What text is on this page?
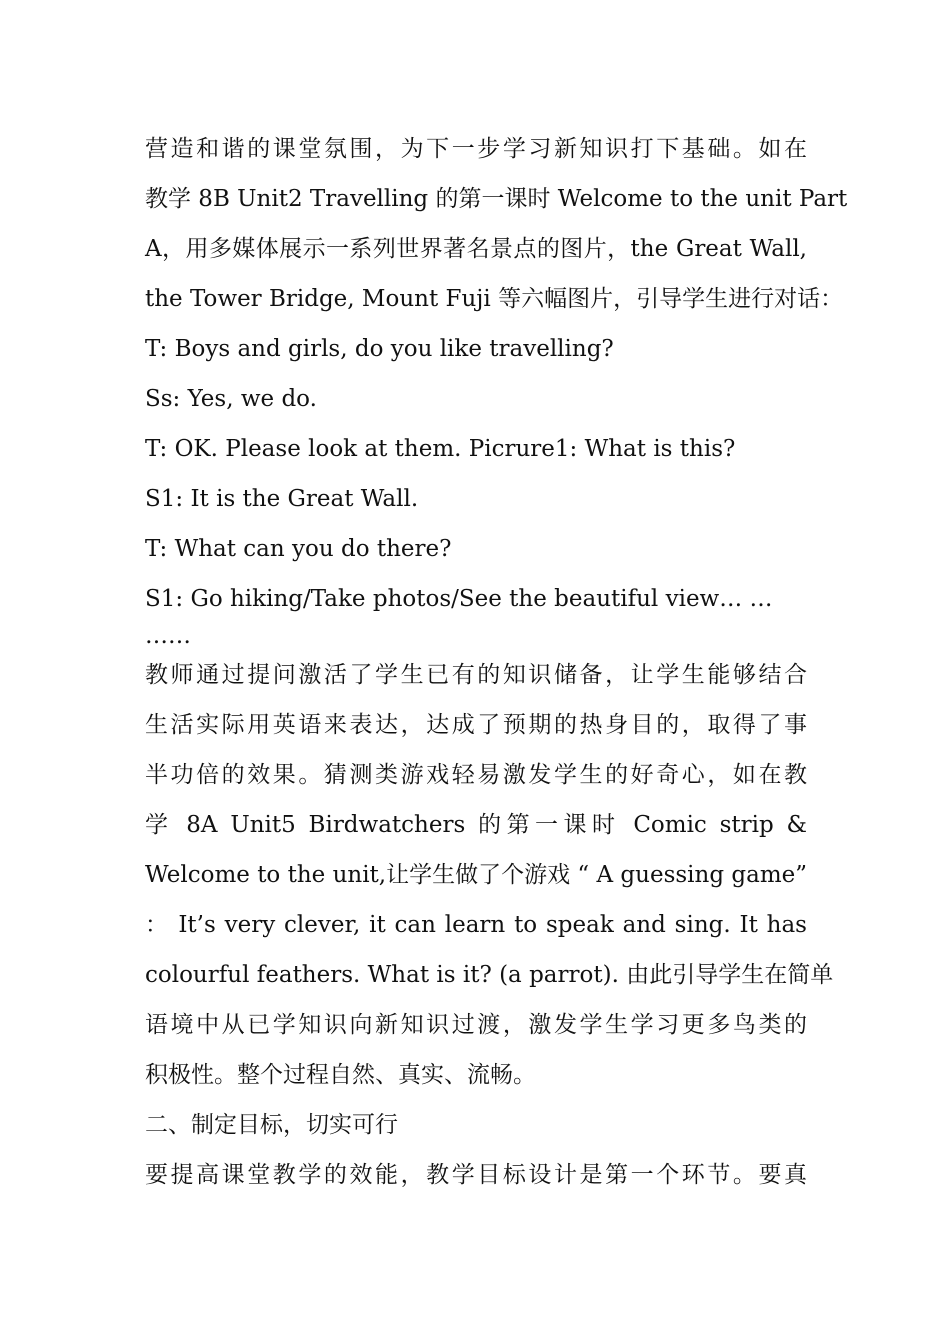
营造和谐的课堂氛围，为下一步学习新知识打下基础。如在
教学 8B Unit2 Travelling 的第一课时 Welcome to the unit Part
A，用多媒体展示一系列世界著名景点的图片，the Great Wall,
the Tower Bridge, Mount Fuji 等六幅图片，引导学生进行对话：
T: Boys and girls, do you like travelling?
Ss: Yes, we do.
T: OK. Please look at them. Picrure1: What is this?
S1: It is the Great Wall.
T: What can you do there?
S1: Go hiking/Take photos/See the beautiful view… …
……
教师通过提问激活了学生已有的知识储备，让学生能够结合
生活实际用英语来表达，达成了预期的热身目的，取得了事
半功倍的效果。猜测类游戏轻易激发学生的好奇心，如在教
学 8A Unit5 Birdwatchers 的第一课时 Comic strip &
Welcome to the unit,让学生做了个游戏 “ A guessing game”
： It’s very clever, it can learn to speak and sing. It has
colourful feathers. What is it? (a parrot). 由此引导学生在简单
语境中从已学知识向新知识过渡，激发学生学习更多鸟类的
积极性。整个过程自然、真实、流畅。
二、制定目标，切实可行
要提高课堂教学的效能，教学目标设计是第一个环节。要真
